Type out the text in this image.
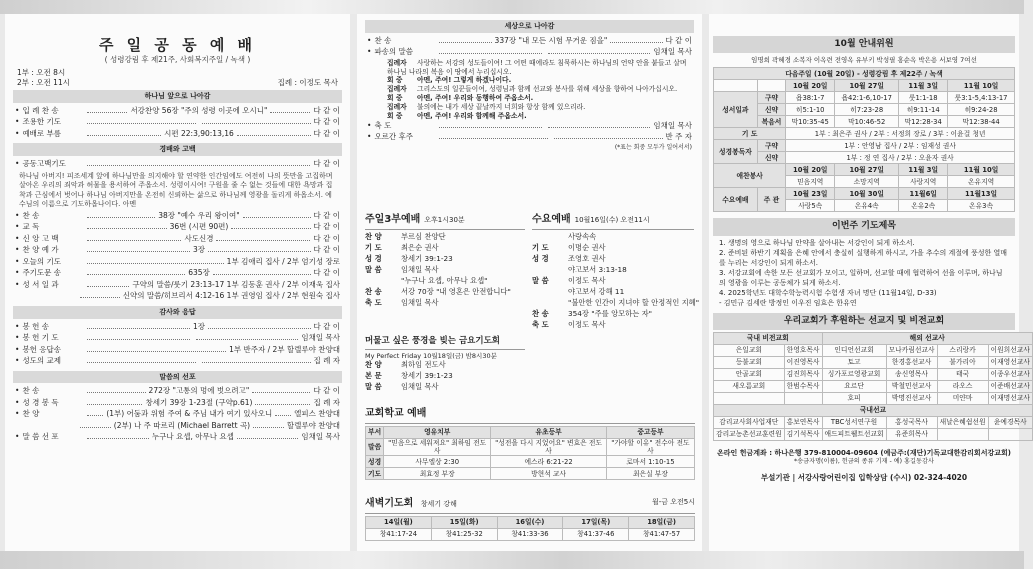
주 일 공 동 예 배
( 성령강림 후 제21주, 사회복지주일 / 녹색 )
1부 : 오전 8시
2부 : 오전 11시	집례 : 이정도 목사
하나님 앞으로 나아감
• 입 례 찬 송	서강찬양 56장 "주의 성령 이곳에 오시니"	다 같 이
• 조용한 기도	다 같 이
• 예배로 부름	시편 22:3,90:13,16	다 같 이
경배와 고백
• 공동고백기도	다 같 이
하나님 아버지! 피조세계 앞에 하나님만을 의지해야 할 연약한 인간임에도 여전히 나의 뜻만을 고집하며 살아온 우리의 죄악과 허물을 용서하여 주옵소서. 성령이시여! 구원을 줄 수 없는 것들에 대한 욕망과 집착과 근심에서 벗어나 하나님 아버지만을 온전히 신뢰하는 삶으로 하나님께 영광을 돌리게 하옵소서. 예수님의 이름으로 기도하옵나이다. 아멘
• 찬 송	38장 "예수 우리 왕이여"	다 같 이
• 교 독	36번 (시편 90편)	다 같 이
• 신 앙 고 백	사도신경	다 같 이
• 찬 양 예 가	3장	다 같 이
• 오늘의 기도	1부 김애리 집사 / 2부 엄기성 장로
• 주기도문 송	635장	다 같 이
• 성 서 일 과	구약의 말씀/룻기 23:13-17 1부 김동훈 권사 / 2부 이재욱 집사
신약의 말씀/히브리서 4:12-16 1부 권영임 집사 / 2부 현원숙 집사
감사와 응답
• 봉 헌 송	1장	다 같 이
• 봉 헌 기 도	임채일 목사
• 봉헌 응답송	1부 반주자 / 2부 할렐루야 찬양대
• 성도의 교제	집 례 자
말씀의 선포
• 찬 송	272장 "고통의 멍에 벗으려고"	다 같 이
• 성 경 봉 독	창세기 39장 1-23절 (구약p.61)	집 례 자
• 찬 양	(1부) 어둠과 위험 주여 & 주님 내가 여기 있사오니	엘피스 찬양대
(2부) 나 주 따르리 (Michael Barrett 곡)	할렐루야 찬양대
• 말 씀 선 포	누구나 요셉, 아무나 요셉	임채일 목사
세상으로 나아감
• 찬 송	337장 "내 모든 시험 무거운 짐을"	다 같 이
• 파송의 말씀	임채일 목사
집례자 사랑하는 서강의 성도들이여! 그 어떤 때에라도 침묵하시는 하나님의 언약 안을 붙들고 살며 하나님 나라의 복음 이 땅에서 누리십시오.
회 중 아멘, 주여! 그렇게 하겠나이다.
집례자 그리스도의 일꾼들이여, 성령님과 함께 선교와 봉사를 위해 세상을 향하여 나아가십시오.
회 중 아멘, 주여! 우리와 동행하여 주옵소서.
집례자 불의에는 내가 세상 끝날까지 너희와 항상 함께 있으리라.
회 중 아멘, 주여! 우리와 함께해 주옵소서.
• 축 도	임채일 목사
• 오르간 후주	반 주 자
(*표는 회중 모두가 일어서서)
주일3부예배 오후1시30분
찬 양	부르심 찬양단
기 도	최은순 권사
성 경	창세기 39:1-23
말 씀	임채일 목사
"누구나 요셉, 아무나 요셉"
찬 송	서강 70장 "내 영혼은 안전합니다"
축 도	임채일 목사
수요예배 10월16일(수) 오전11시
사랑속속
기 도	이명순 권사
성 경	조영호 권사
야고보서 3:13-18
말 씀	이정도 목사
야고보서 강해 11
"불안한 인간이 지녀야 할 안정적인 지혜"
찬 송	354장 "주를 앙모하는 자"
축 도	이정도 목사
머물고 싶은 풍경을 빚는 금요기도회
My Perfect Friday 10월18일(금) 밤8시30분
찬 양	최하임 전도사
본 문	창세기 39:1-23
말 씀	임채일 목사
교회학교 예배
부서	영유치부	유초등부	중고등부
말씀	"믿음으로 세워져요" 최하임 전도사	"성전을 다시 지었어요" 변효은 전도사	"가야할 이유" 전수아 전도사
성경	사무엘상 2:30	에스라 6:21-22	로마서 1:10-15
기도	최효정 부장	방현석 교사	최은실 부장
새벽기도회 창세기 강해	월-금 오전5시
14일(월)	15일(화)	16일(수)	17일(목)	18일(금)
창41:17-24	창41:25-32	창41:33-36	창41:37-46	창41:47-57
10월 안내위원
임명희 곽혜경 소복자 이옥련 전영옥 유부키 박성필 홍순옥 박은용 서보영 7여선
다음주일 (10월 20일) - 성령강림 후 제22주 / 녹색					
		10월 20일	10월 27일	11월 3일	11월 10일
성서일과	구약	욥38:1-7	욥42:1-6,10-17	룻1:1-18	룻3:1-5,4:13-17
	신약	히5:1-10	히7:23-28	히9:11-14	히9:24-28
	복음서	막10:35-45	막10:46-52	막12:28-34	막12:38-44
기 도		1부 : 최은주 권사 / 2부 : 서정희 장로 / 3부 : 이윤걸 청년			
성경봉독자	구약	1부 : 안영남 집사 / 2부 : 임재성 권사			
	신약	1부 : 정 연 집사 / 2부 : 오윤자 권사			
애찬봉사		10월 20일	10월 27일	11월 3일	11월 10일
		믿음지역	소망지역	사랑지역	온유지역
수요예배	주 관	10월 23일	10월 30일	11월6일	11월13일
		사랑5속	온유4속	온유2속	온유3속
이번주 기도제목
1. 생명의 영으로 하나님 안약을 살아내는 서강인이 되게 하소서.
2. 준비된 하반기 계획을 은혜 안에서 충실히 실행하게 하시고, 가을 추수의 계절에 풍성한 열매를 누리는 서강인이 되게 하소서.
3. 서강교회에 속한 모든 선교회가 모이고, 일하며, 선교할 때에 협력하여 선을 이루며, 하나님의 영광을 이루는 공동체가 되게 하소서.
4. 2025학년도 대학수학능력시험 수험생 자녀 명단 (11월14일, D-33)
- 김민규 김세란 방정인 이우진 임효은 한유연
우리교회가 후원하는 선교지 및 비전교회
국내 비전교회		해외 선교사			
은일교회	한영호목사	인디언선교회	모나카림선교사	스리랑카	이원희선교사
등불교회	이진영목사	토고	한경홍선교사	불가리아	이재영선교사
안골교회	김진희목사	싱가포르영광교회	송신영목사	태국	이종우선교사
새오름교회	한범수목사	요르단	박철민선교사	라오스	이준배선교사
		호피	박명진선교사	미얀마	이재명선교사
국내선교					
감리교사회사업재단	홍보연목사	TBC성서연구원	홍성국목사	새날은혜쉼선원	윤예경목사
감리교농촌선교훈련원	김기석목사	애드피트웰트선교회	유준희목사		
온라인 헌금계좌 : 하나은행 379-810004-09604 (예금주:(재단)기독교대한감리회서강교회)
*송금자명(이름), 헌금의 종류 기재 - 예) 홍길동감사
부설기관 | 서강사랑어린이집 입학상담 (수시) 02-324-4020
